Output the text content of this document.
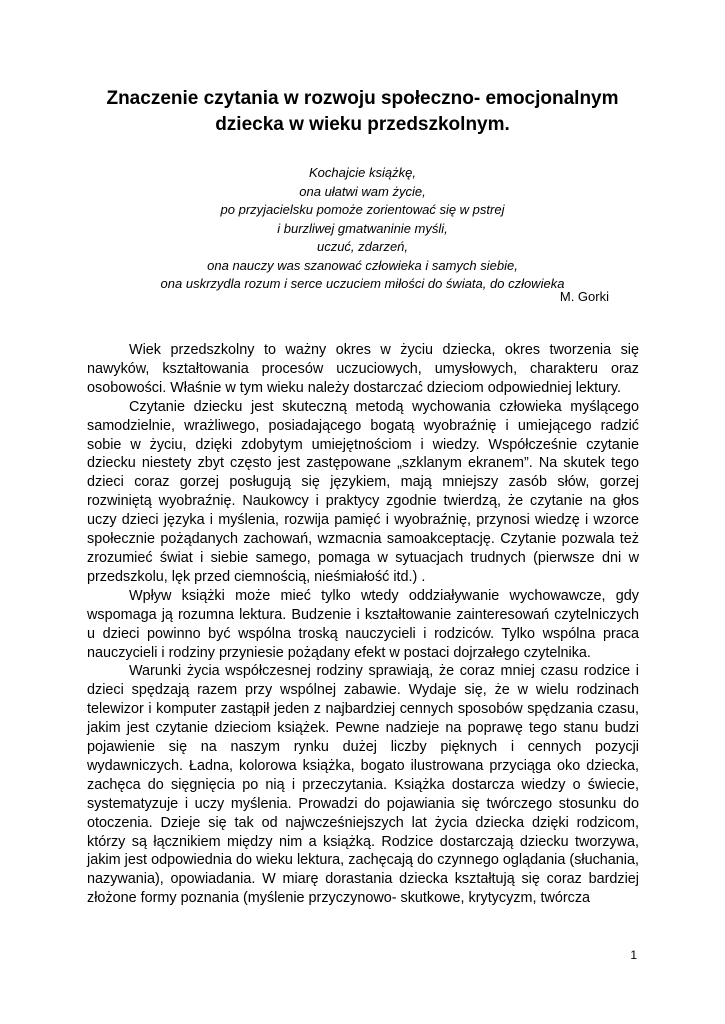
Znaczenie czytania w rozwoju społeczno- emocjonalnym
dziecka w wieku przedszkolnym.
Kochajcie książkę,
ona ułatwi wam życie,
po przyjacielsku pomoże zorientować się w pstrej
i burzliwej gmatwaninie myśli,
uczuć, zdarzeń,
ona nauczy was szanować człowieka i samych siebie,
ona uskrzydla rozum i serce uczuciem miłości do świata, do człowieka
M. Gorki

Wiek przedszkolny to ważny okres w życiu dziecka, okres tworzenia się nawyków, kształtowania procesów uczuciowych, umysłowych, charakteru oraz osobowości. Właśnie w tym wieku należy dostarczać dzieciom odpowiedniej lektury.

Czytanie dziecku jest skuteczną metodą wychowania człowieka myślącego samodzielnie, wrażliwego, posiadającego bogatą wyobraźnię i umiejącego radzić sobie w życiu, dzięki zdobytym umiejętnościom i wiedzy. Współcześnie czytanie dziecku niestety zbyt często jest zastępowane „szklanym ekranem”. Na skutek tego dzieci coraz gorzej posługują się językiem, mają mniejszy zasób słów, gorzej rozwiniętą wyobraźnię. Naukowcy i praktycy zgodnie twierdzą, że czytanie na głos uczy dzieci języka i myślenia, rozwija pamięć i wyobraźnię, przynosi wiedzę i wzorce społecznie pożądanych zachowań, wzmacnia samoakceptację. Czytanie pozwala też zrozumieć świat i siebie samego, pomaga w sytuacjach trudnych (pierwsze dni w przedszkolu, lęk przed ciemnością, nieśmiałość itd.) .

Wpływ książki może mieć tylko wtedy oddziaływanie wychowawcze, gdy wspomaga ją rozumna lektura. Budzenie i kształtowanie zainteresowań czytelniczych u dzieci powinno być wspólna troską nauczycieli i rodziców. Tylko wspólna praca nauczycieli i rodziny przyniesie pożądany efekt w postaci dojrzałego czytelnika.

Warunki życia współczesnej rodziny sprawiają, że coraz mniej czasu rodzice i dzieci spędzają razem przy wspólnej zabawie. Wydaje się, że w wielu rodzinach telewizor i komputer zastąpił jeden z najbardziej cennych sposobów spędzania czasu, jakim jest czytanie dzieciom książek. Pewne nadzieje na poprawę tego stanu budzi pojawienie się na naszym rynku dużej liczby pięknych i cennych pozycji wydawniczych. Ładna, kolorowa książka, bogato ilustrowana przyciąga oko dziecka, zachęca do sięgnięcia po nią i przeczytania. Książka dostarcza wiedzy o świecie, systematyzuje i uczy myślenia. Prowadzi do pojawiania się twórczego stosunku do otoczenia. Dzieje się tak od najwcześniejszych lat życia dziecka dzięki rodzicom, którzy są łącznikiem między nim a książką. Rodzice dostarczają dziecku tworzywa, jakim jest odpowiednia do wieku lektura, zachęcają do czynnego oglądania (słuchania, nazywania), opowiadania. W miarę dorastania dziecka kształtują się coraz bardziej złożone formy poznania (myślenie przyczynowo- skutkowe, krytycyzm, twórcza

1
